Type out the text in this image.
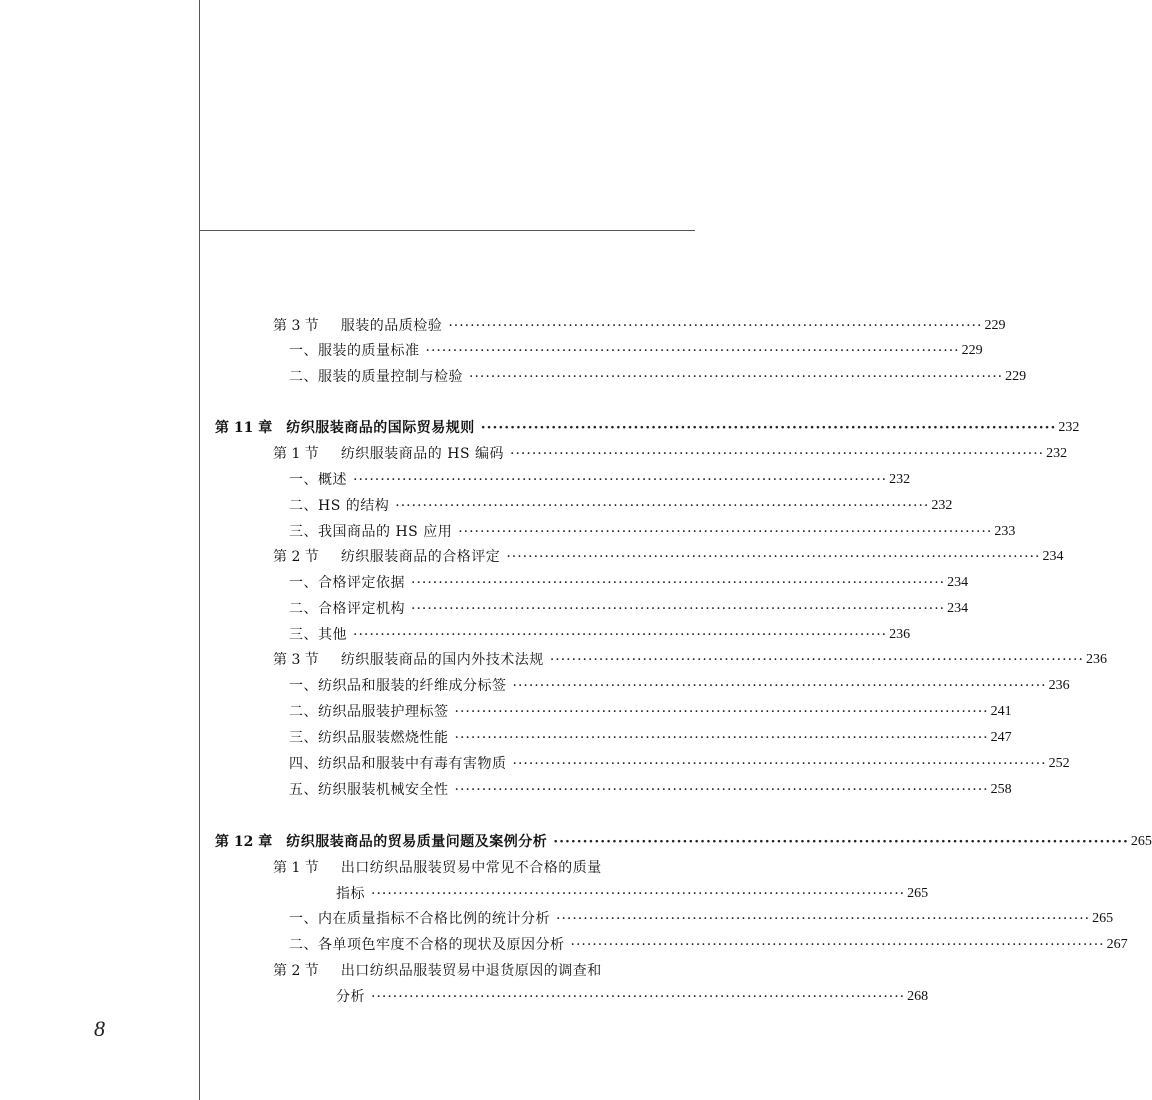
第 3 节 服装的品质检验 ·································································································· 229
一、服装的质量标准 ·································································································· 229
二、服装的质量控制与检验 ·································································································· 229
第 11 章 纺织服装商品的国际贸易规则 ·································································································· 232
第 1 节 纺织服装商品的 HS 编码 ·································································································· 232
一、概述 ·································································································· 232
二、HS 的结构 ·································································································· 232
三、我国商品的 HS 应用 ·································································································· 233
第 2 节 纺织服装商品的合格评定 ·································································································· 234
一、合格评定依据 ·································································································· 234
二、合格评定机构 ·································································································· 234
三、其他 ·································································································· 236
第 3 节 纺织服装商品的国内外技术法规 ·································································································· 236
一、纺织品和服装的纤维成分标签 ·································································································· 236
二、纺织品服装护理标签 ·································································································· 241
三、纺织品服装燃烧性能 ·································································································· 247
四、纺织品和服装中有毒有害物质 ·································································································· 252
五、纺织服装机械安全性 ·································································································· 258
第 12 章 纺织服装商品的贸易质量问题及案例分析 ·································································································· 265
第 1 节 出口纺织品服装贸易中常见不合格的质量
指标 ·································································································· 265
一、内在质量指标不合格比例的统计分析 ·································································································· 265
二、各单项色牢度不合格的现状及原因分析 ·································································································· 267
第 2 节 出口纺织品服装贸易中退货原因的调查和
分析 ·································································································· 268
8
